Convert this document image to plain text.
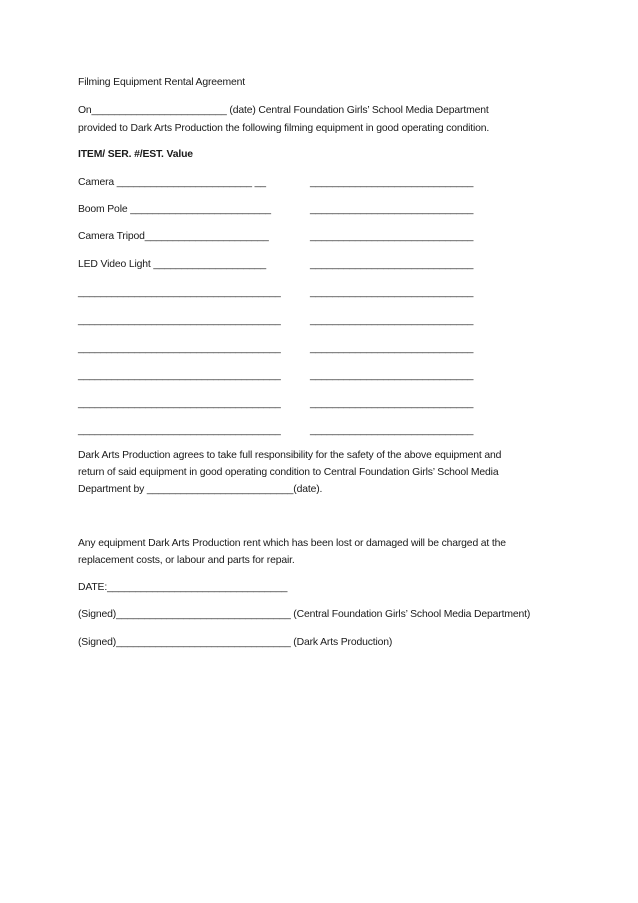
Filming Equipment Rental Agreement
On________________________ (date) Central Foundation Girls’ School Media Department
provided to Dark Arts Production the following filming equipment in good operating condition.
ITEM/ SER. #/EST. Value
Camera ________________________ __	_____________________________
Boom Pole _________________________	_____________________________
Camera Tripod______________________	_____________________________
LED Video Light ____________________	_____________________________
____________________________________	_____________________________
____________________________________	_____________________________
____________________________________	_____________________________
____________________________________	_____________________________
____________________________________	_____________________________
____________________________________	_____________________________
Dark Arts Production agrees to take full responsibility for the safety of the above equipment and
return of said equipment in good operating condition to Central Foundation Girls’ School Media
Department by __________________________(date).
Any equipment Dark Arts Production rent which has been lost or damaged will be charged at the
replacement costs, or labour and parts for repair.
DATE:________________________________
(Signed)_______________________________ (Central Foundation Girls’ School Media Department)
(Signed)_______________________________ (Dark Arts Production)
